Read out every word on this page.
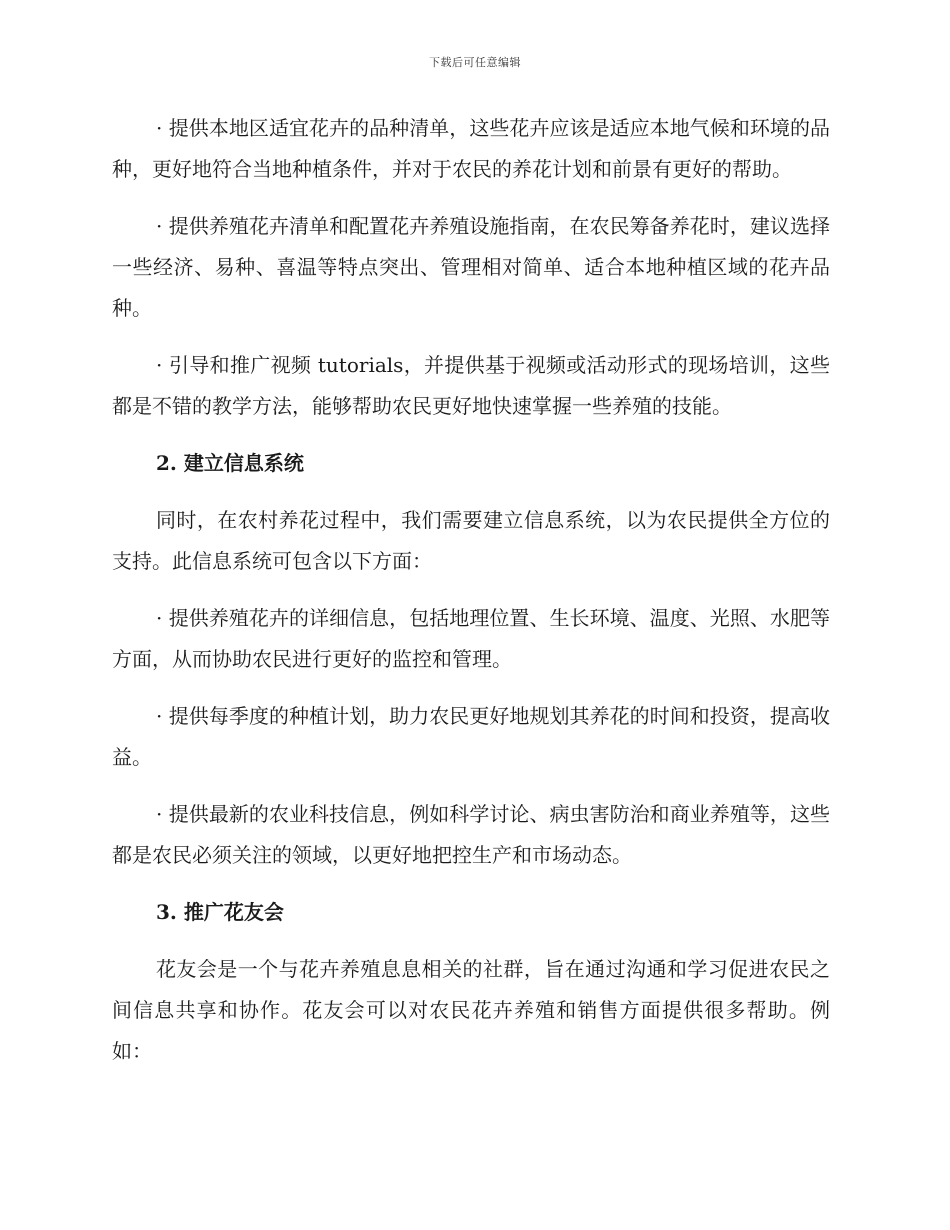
下载后可任意编辑

· 提供本地区适宜花卉的品种清单，这些花卉应该是适应本地气候和环境的品种，更好地符合当地种植条件，并对于农民的养花计划和前景有更好的帮助。

· 提供养殖花卉清单和配置花卉养殖设施指南，在农民筹备养花时，建议选择一些经济、易种、喜温等特点突出、管理相对简单、适合本地种植区域的花卉品种。

· 引导和推广视频 tutorials，并提供基于视频或活动形式的现场培训，这些都是不错的教学方法，能够帮助农民更好地快速掌握一些养殖的技能。

2. 建立信息系统

同时，在农村养花过程中，我们需要建立信息系统，以为农民提供全方位的支持。此信息系统可包含以下方面：

· 提供养殖花卉的详细信息，包括地理位置、生长环境、温度、光照、水肥等方面，从而协助农民进行更好的监控和管理。

· 提供每季度的种植计划，助力农民更好地规划其养花的时间和投资，提高收益。

· 提供最新的农业科技信息，例如科学讨论、病虫害防治和商业养殖等，这些都是农民必须关注的领域，以更好地把控生产和市场动态。

3. 推广花友会

花友会是一个与花卉养殖息息相关的社群，旨在通过沟通和学习促进农民之间信息共享和协作。花友会可以对农民花卉养殖和销售方面提供很多帮助。例如：
